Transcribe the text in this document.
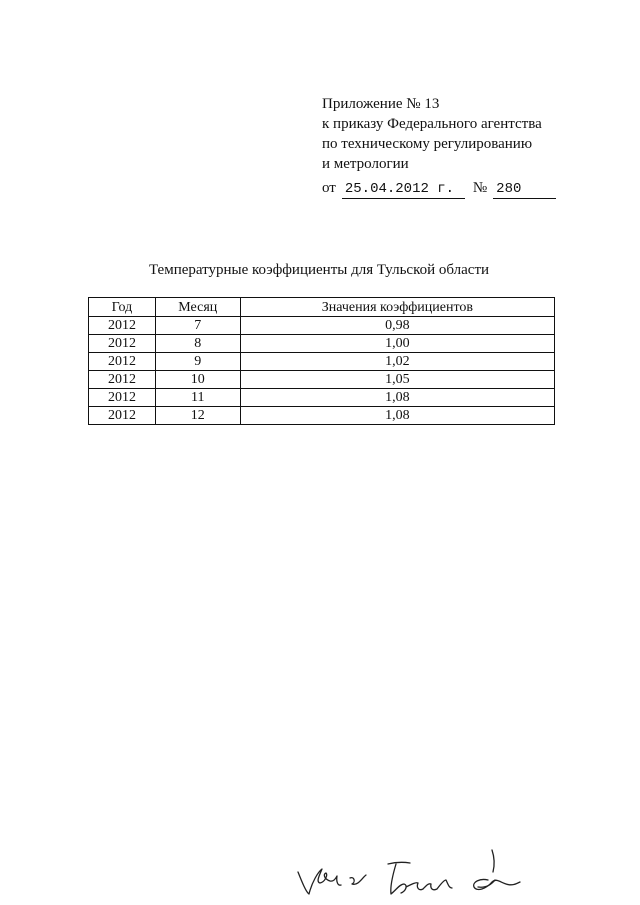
Приложение № 13
к приказу Федерального агентства
по техническому регулированию
и метрологии
от 25.04.2012 г.	№ 280
Температурные коэффициенты для Тульской области
Год	Месяц	Значения коэффициентов
2012	7	0,98
2012	8	1,00
2012	9	1,02
2012	10	1,05
2012	11	1,08
2012	12	1,08
